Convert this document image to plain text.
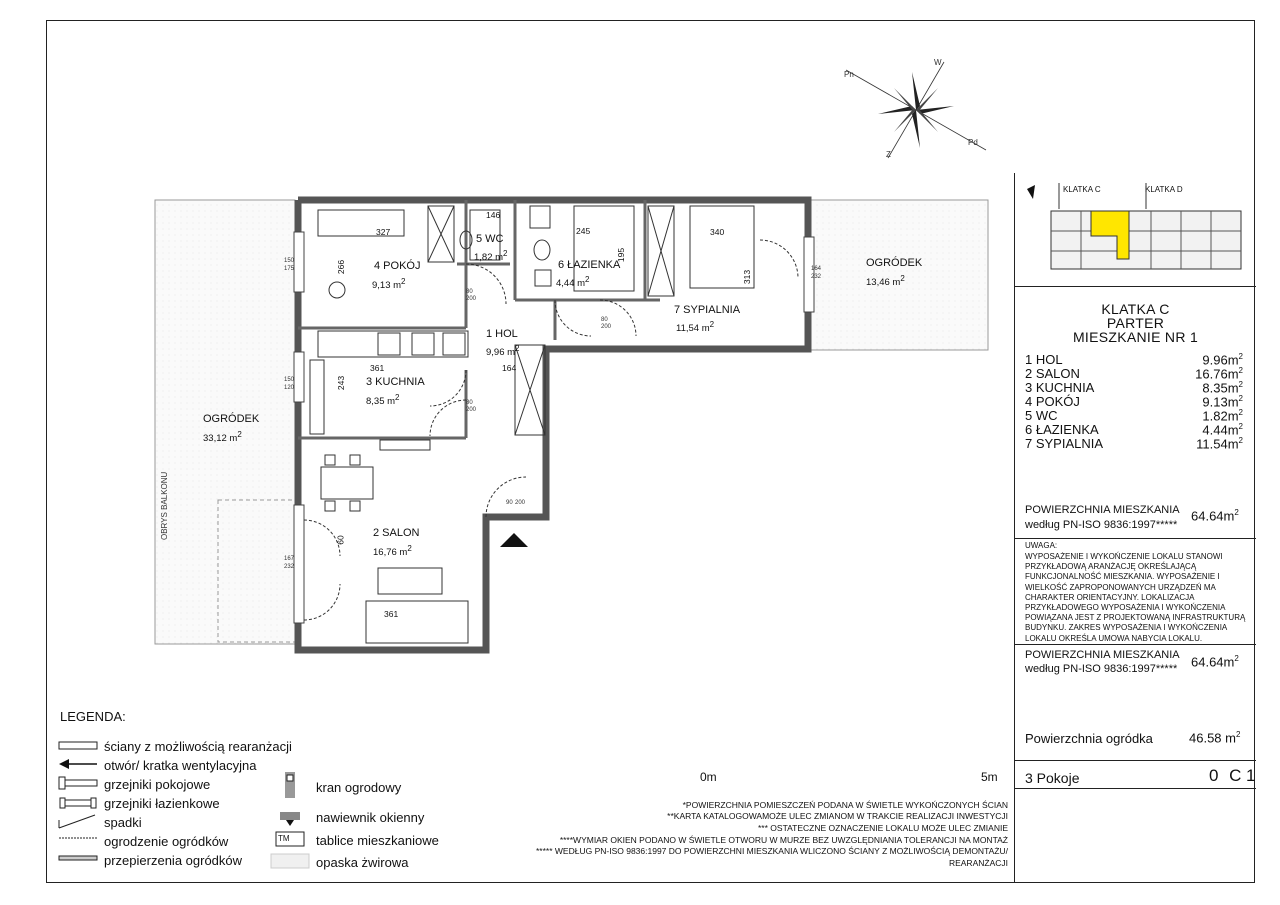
Pn
W
Pd
Z
4 POKÓJ
9,13 $m^2$
5 WC
1,82 $m^2$
6 ŁAZIENKA
4,44 $m^2$
7 SYPIALNIA
11,54 $m^2$
1 HOL
9,96 $m^2$
3 KUCHNIA
8,35 $m^2$
2 SALON
16,76 $m^2$
OGRÓDEK
13,46 $m^2$
OGRÓDEK
33,12 $m^2$
OBRYS BALKONU
327
146
245	340
195
313
266
361	164
243
60
361
150
175
150
120
167
232
164
232
80
200
80
200
80
200
90 200
0m	5m
LEGENDA:
ściany z możliwością rearanżacji
otwór/ kratka wentylacyjna
grzejniki pokojowe
grzejniki łazienkowe
spadki
ogrodzenie ogródków
przepierzenia ogródków
TM
kran ogrodowy
nawiewnik okienny
tablice mieszkaniowe
opaska żwirowa
*POWIERZCHNIA POMIESZCZEŃ PODANA W ŚWIETLE WYKOŃCZONYCH ŚCIAN
**KARTA KATALOGOWAMOŻE ULEC ZMIANOM W TRAKCIE REALIZACJI INWESTYCJI
*** OSTATECZNE OZNACZENIE LOKALU MOŻE ULEC ZMIANIE
****WYMIAR OKIEN PODANO W ŚWIETLE OTWORU W MURZE BEZ UWZGLĘDNIANIA TOLERANCJI NA MONTAŻ
***** WEDŁUG PN-ISO 9836:1997 DO POWIERZCHNI MIESZKANIA WLICZONO ŚCIANY Z MOŻLIWOŚCIĄ DEMONTAŻU/
REARANŻACJI
KLATKA C	KLATKA D
KLATKA C
PARTER
MIESZKANIE NR 1
1 HOL	$9.96m^2$
2 SALON	$16.76m^2$
3 KUCHNIA	$8.35m^2$
4 POKÓJ	$9.13m^2$
5 WC	$1.82m^2$
6 ŁAZIENKA	$4.44m^2$
7 SYPIALNIA	$11.54m^2$
POWIERZCHNIA MIESZKANIA
według PN-ISO 9836:1997*****
$64.64m^2$
UWAGA:
WYPOSAŻENIE I WYKOŃCZENIE LOKALU STANOWI PRZYKŁADOWĄ ARANŻACJĘ OKREŚLAJĄCĄ FUNKCJONALNOŚĆ MIESZKANIA. WYPOSAŻENIE I WIELKOŚĆ ZAPROPONOWANYCH URZĄDZEŃ MA CHARAKTER ORIENTACYJNY. LOKALIZACJA PRZYKŁADOWEGO WYPOSAŻENIA I WYKOŃCZENIA POWIĄZANA JEST Z PROJEKTOWANĄ INFRASTRUKTURĄ BUDYNKU. ZAKRES WYPOSAŻENIA I WYKOŃCZENIA LOKALU OKREŚLA UMOWA NABYCIA LOKALU.
POWIERZCHNIA MIESZKANIA
według PN-ISO 9836:1997***** $64.64m^2$
Powierzchnia ogródka	46.58 $m^2$
3 Pokoje	0 C 1
